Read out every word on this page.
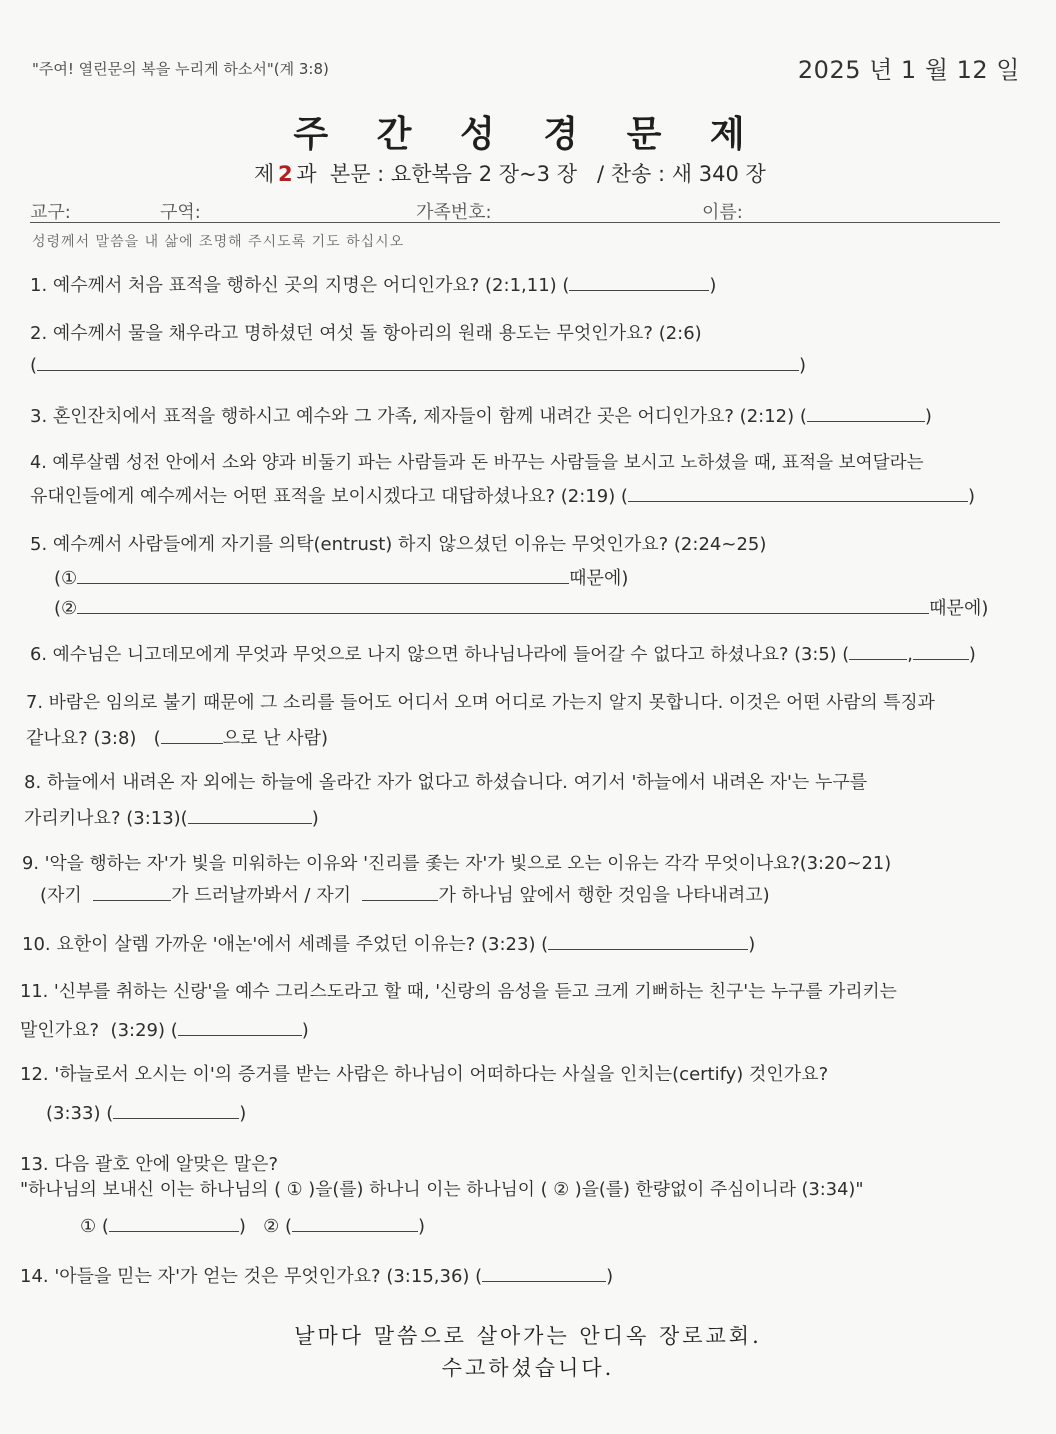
"주여! 열린문의 복을 누리게 하소서"(계 3:8)	2025 년 1 월 12 일
주 간 성 경 문 제
제 2 과  본문 : 요한복음 2 장~3 장   / 찬송 : 새 340 장
교구:	구역:	가족번호:	이름:
성령께서 말씀을 내 삶에 조명해 주시도록 기도 하십시오
1. 예수께서 처음 표적을 행하신 곳의 지명은 어디인가요? (2:1,11) (	)
2. 예수께서 물을 채우라고 명하셨던 여섯 돌 항아리의 원래 용도는 무엇인가요? (2:6)
(	)
3. 혼인잔치에서 표적을 행하시고 예수와 그 가족, 제자들이 함께 내려간 곳은 어디인가요? (2:12) (	)
4. 예루살렘 성전 안에서 소와 양과 비둘기 파는 사람들과 돈 바꾸는 사람들을 보시고 노하셨을 때, 표적을 보여달라는
유대인들에게 예수께서는 어떤 표적을 보이시겠다고 대답하셨나요? (2:19) (	)
5. 예수께서 사람들에게 자기를 의탁(entrust) 하지 않으셨던 이유는 무엇인가요? (2:24~25)
(①	때문에)
(②	때문에)
6. 예수님은 니고데모에게 무엇과 무엇으로 나지 않으면 하나님나라에 들어갈 수 없다고 하셨나요? (3:5) (	,	)
7. 바람은 임의로 불기 때문에 그 소리를 들어도 어디서 오며 어디로 가는지 알지 못합니다. 이것은 어떤 사람의 특징과
같나요? (3:8) (	으로 난 사람)
8. 하늘에서 내려온 자 외에는 하늘에 올라간 자가 없다고 하셨습니다. 여기서 '하늘에서 내려온 자'는 누구를
가리키나요? (3:13)(	)
9. '악을 행하는 자'가 빛을 미워하는 이유와 '진리를 좇는 자'가 빛으로 오는 이유는 각각 무엇이나요?(3:20~21)
(자기	가 드러날까봐서 / 자기	가 하나님 앞에서 행한 것임을 나타내려고)
10. 요한이 살렘 가까운 '애논'에서 세례를 주었던 이유는? (3:23) (	)
11. '신부를 취하는 신랑'을 예수 그리스도라고 할 때, '신랑의 음성을 듣고 크게 기뻐하는 친구'는 누구를 가리키는
말인가요?  (3:29) (	)
12. '하늘로서 오시는 이'의 증거를 받는 사람은 하나님이 어떠하다는 사실을 인치는(certify) 것인가요?
(3:33) (	)
13. 다음 괄호 안에 알맞은 말은?
"하나님의 보내신 이는 하나님의 ( ① )을(를) 하나니 이는 하나님이 ( ② )을(를) 한량없이 주심이니라 (3:34)"
① (	) ② (	)
14. '아들을 믿는 자'가 얻는 것은 무엇인가요? (3:15,36) (	)
날마다 말씀으로 살아가는 안디옥 장로교회.
수고하셨습니다.
